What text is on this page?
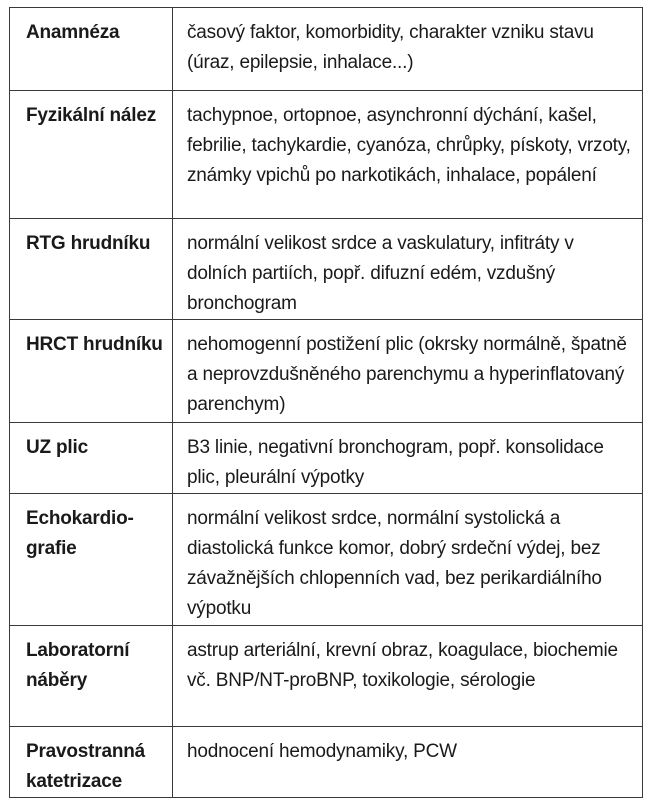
Anamnéza	časový faktor, komorbidity, charakter vzniku stavu (úraz, epilepsie, inhalace...)
Fyzikální nález	tachypnoe, ortopnoe, asynchronní dýchání, kašel, febrilie, tachykardie, cyanóza, chrůpky, pískoty, vrzoty, známky vpichů po narkotikách, inhalace, popálení
RTG hrudníku	normální velikost srdce a vaskulatury, infitráty v dolních partiích, popř. difuzní edém, vzdušný bronchogram
HRCT hrudníku	nehomogenní postižení plic (okrsky normálně, špatně a neprovzdušněného parenchymu a hyperinflatovaný parenchym)
UZ plic	B3 linie, negativní bronchogram, popř. konsolidace plic, pleurální výpotky
Echokardio-grafie	normální velikost srdce, normální systolická a diastolická funkce komor, dobrý srdeční výdej, bez závažnějších chlopenních vad, bez perikardiálního výpotku
Laboratorní náběry	astrup arteriální, krevní obraz, koagulace, biochemie vč. BNP/NT-proBNP, toxikologie, sérologie
Pravostranná katetrizace	hodnocení hemodynamiky, PCW
